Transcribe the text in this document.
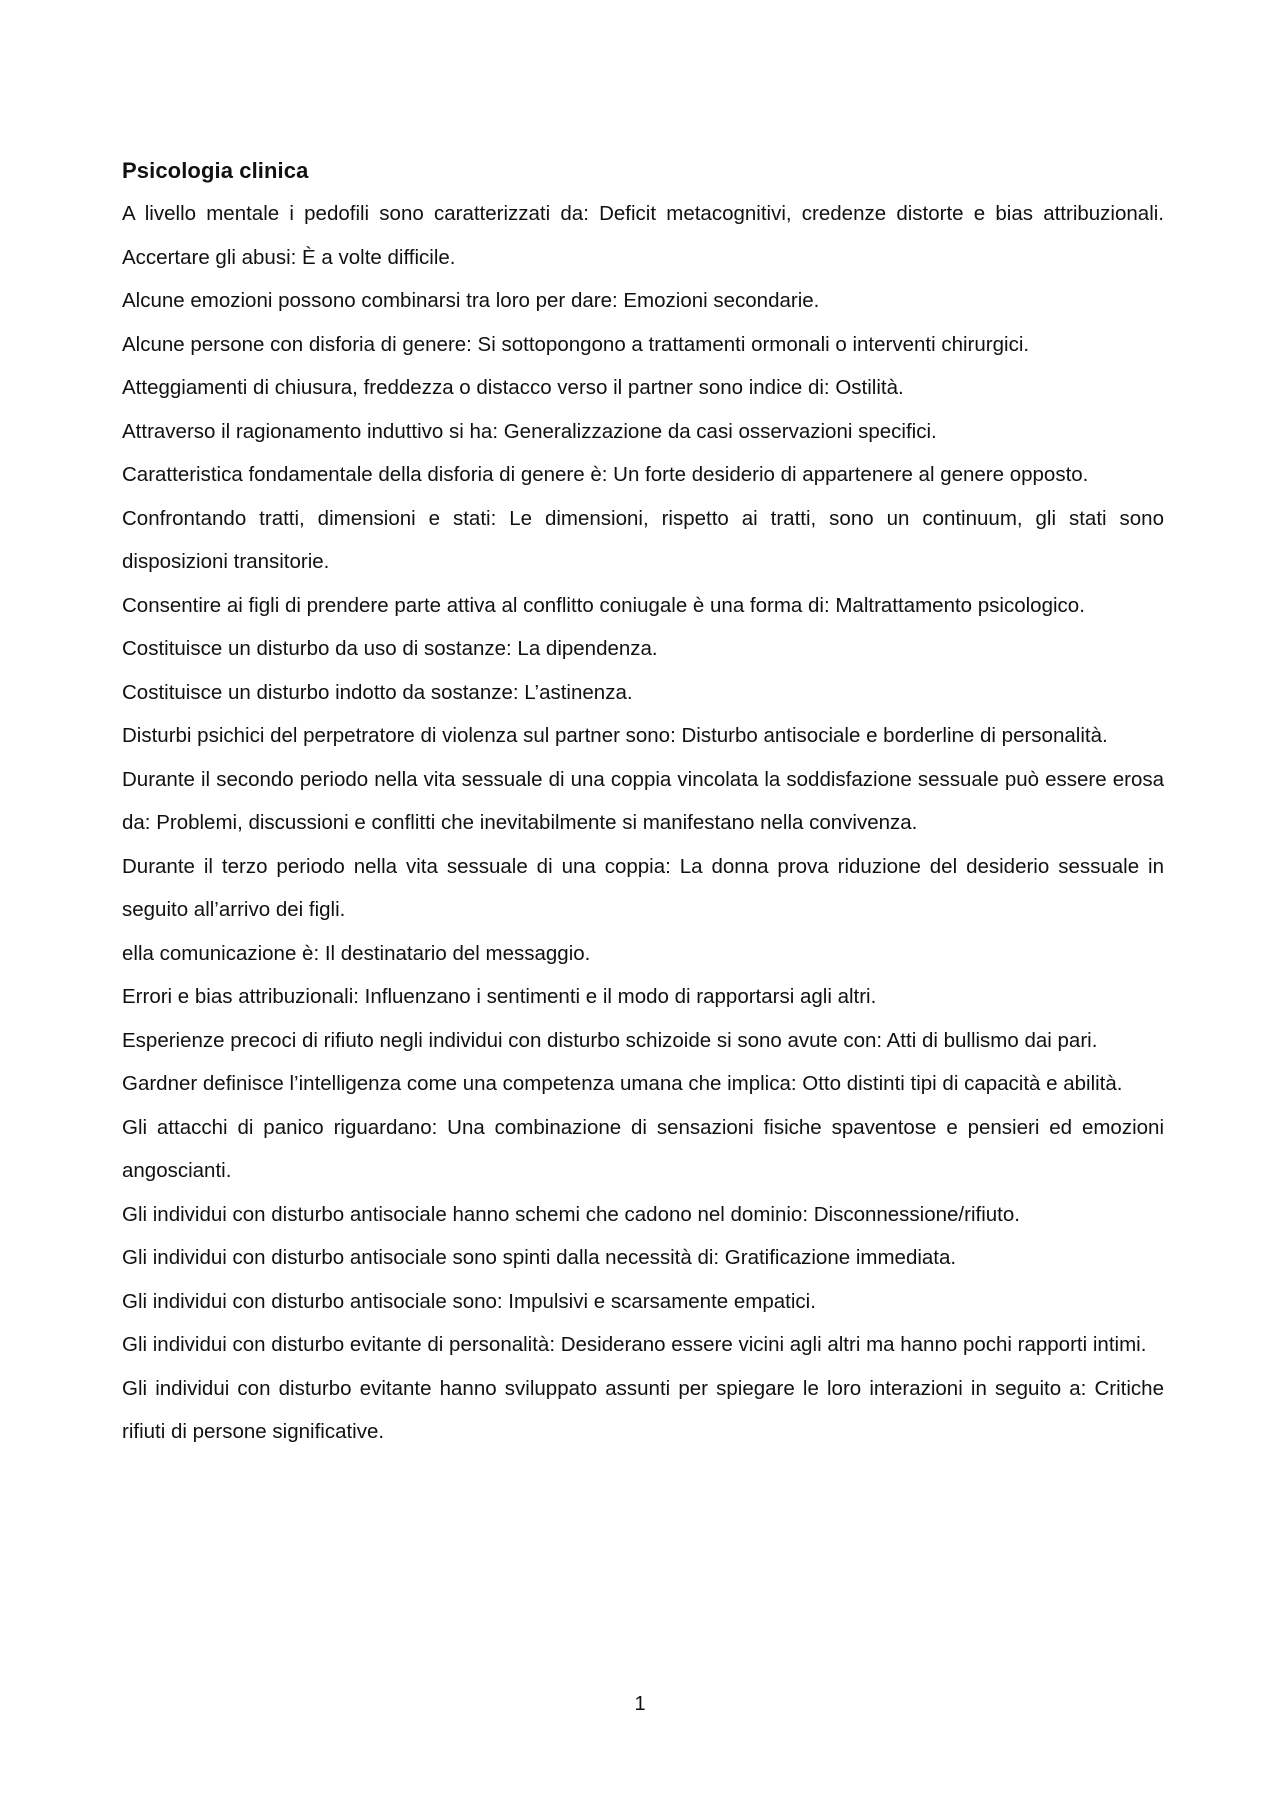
Psicologia clinica

A livello mentale i pedofili sono caratterizzati da: Deficit metacognitivi, credenze distorte e bias attribuzionali. Accertare gli abusi: È a volte difficile.

Alcune emozioni possono combinarsi tra loro per dare: Emozioni secondarie.

Alcune persone con disforia di genere: Si sottopongono a trattamenti ormonali o interventi chirurgici.

Atteggiamenti di chiusura, freddezza o distacco verso il partner sono indice di: Ostilità.

Attraverso il ragionamento induttivo si ha: Generalizzazione da casi osservazioni specifici.

Caratteristica fondamentale della disforia di genere è: Un forte desiderio di appartenere al genere opposto.

Confrontando tratti, dimensioni e stati: Le dimensioni, rispetto ai tratti, sono un continuum, gli stati sono disposizioni transitorie.

Consentire ai figli di prendere parte attiva al conflitto coniugale è una forma di: Maltrattamento psicologico.

Costituisce un disturbo da uso di sostanze: La dipendenza.

Costituisce un disturbo indotto da sostanze: L’astinenza.

Disturbi psichici del perpetratore di violenza sul partner sono: Disturbo antisociale e borderline di personalità.

Durante il secondo periodo nella vita sessuale di una coppia vincolata la soddisfazione sessuale può essere erosa da: Problemi, discussioni e conflitti che inevitabilmente si manifestano nella convivenza.

Durante il terzo periodo nella vita sessuale di una coppia: La donna prova riduzione del desiderio sessuale in seguito all’arrivo dei figli.

ella comunicazione è: Il destinatario del messaggio.

Errori e bias attribuzionali: Influenzano i sentimenti e il modo di rapportarsi agli altri.

Esperienze precoci di rifiuto negli individui con disturbo schizoide si sono avute con: Atti di bullismo dai pari.

Gardner definisce l’intelligenza come una competenza umana che implica: Otto distinti tipi di capacità e abilità.

Gli attacchi di panico riguardano: Una combinazione di sensazioni fisiche spaventose e pensieri ed emozioni angoscianti.

Gli individui con disturbo antisociale hanno schemi che cadono nel dominio: Disconnessione/rifiuto.

Gli individui con disturbo antisociale sono spinti dalla necessità di: Gratificazione immediata.

Gli individui con disturbo antisociale sono: Impulsivi e scarsamente empatici.

Gli individui con disturbo evitante di personalità: Desiderano essere vicini agli altri ma hanno pochi rapporti intimi.

Gli individui con disturbo evitante hanno sviluppato assunti per spiegare le loro interazioni in seguito a: Critiche rifiuti di persone significative.

1
